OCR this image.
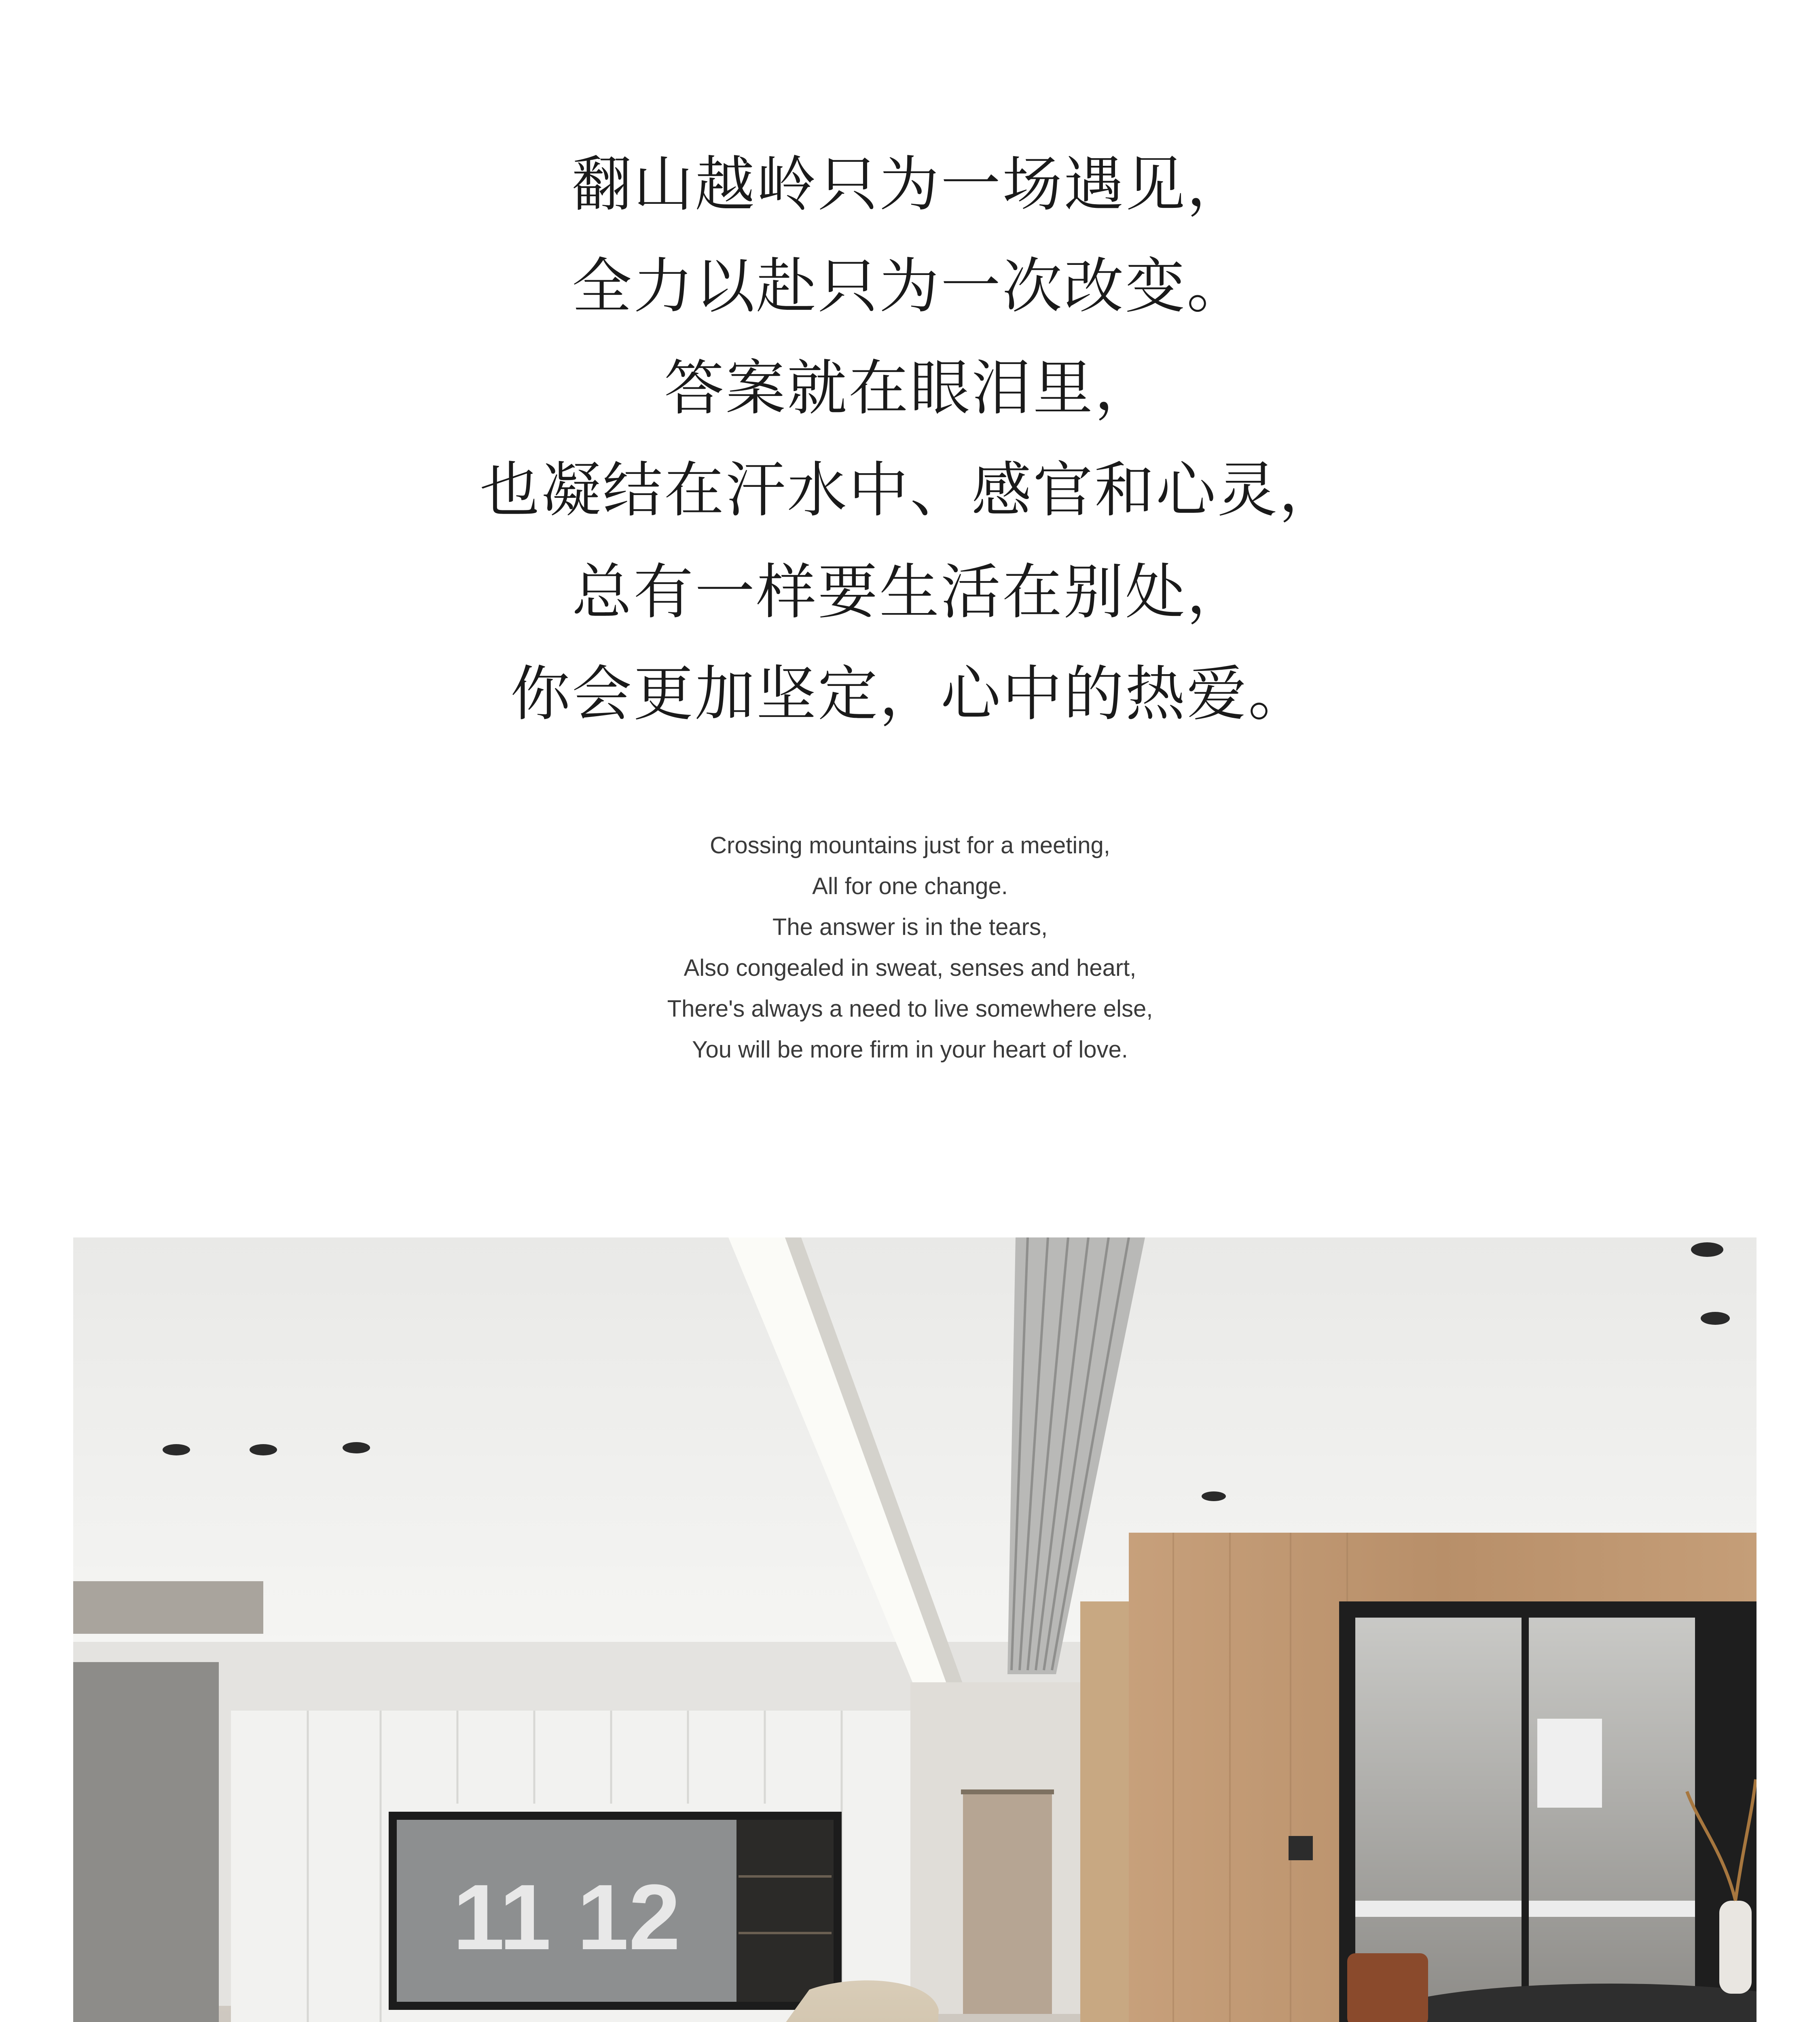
翻山越岭只为一场遇见，
全力以赴只为一次改变。
答案就在眼泪里，
也凝结在汗水中、感官和心灵，
总有一样要生活在别处，
你会更加坚定，心中的热爱。
Crossing mountains just for a meeting,
All for one change.
The answer is in the tears,
Also congealed in sweat, senses and heart,
There's always a need to live somewhere else,
You will be more firm in your heart of love.
11 12
